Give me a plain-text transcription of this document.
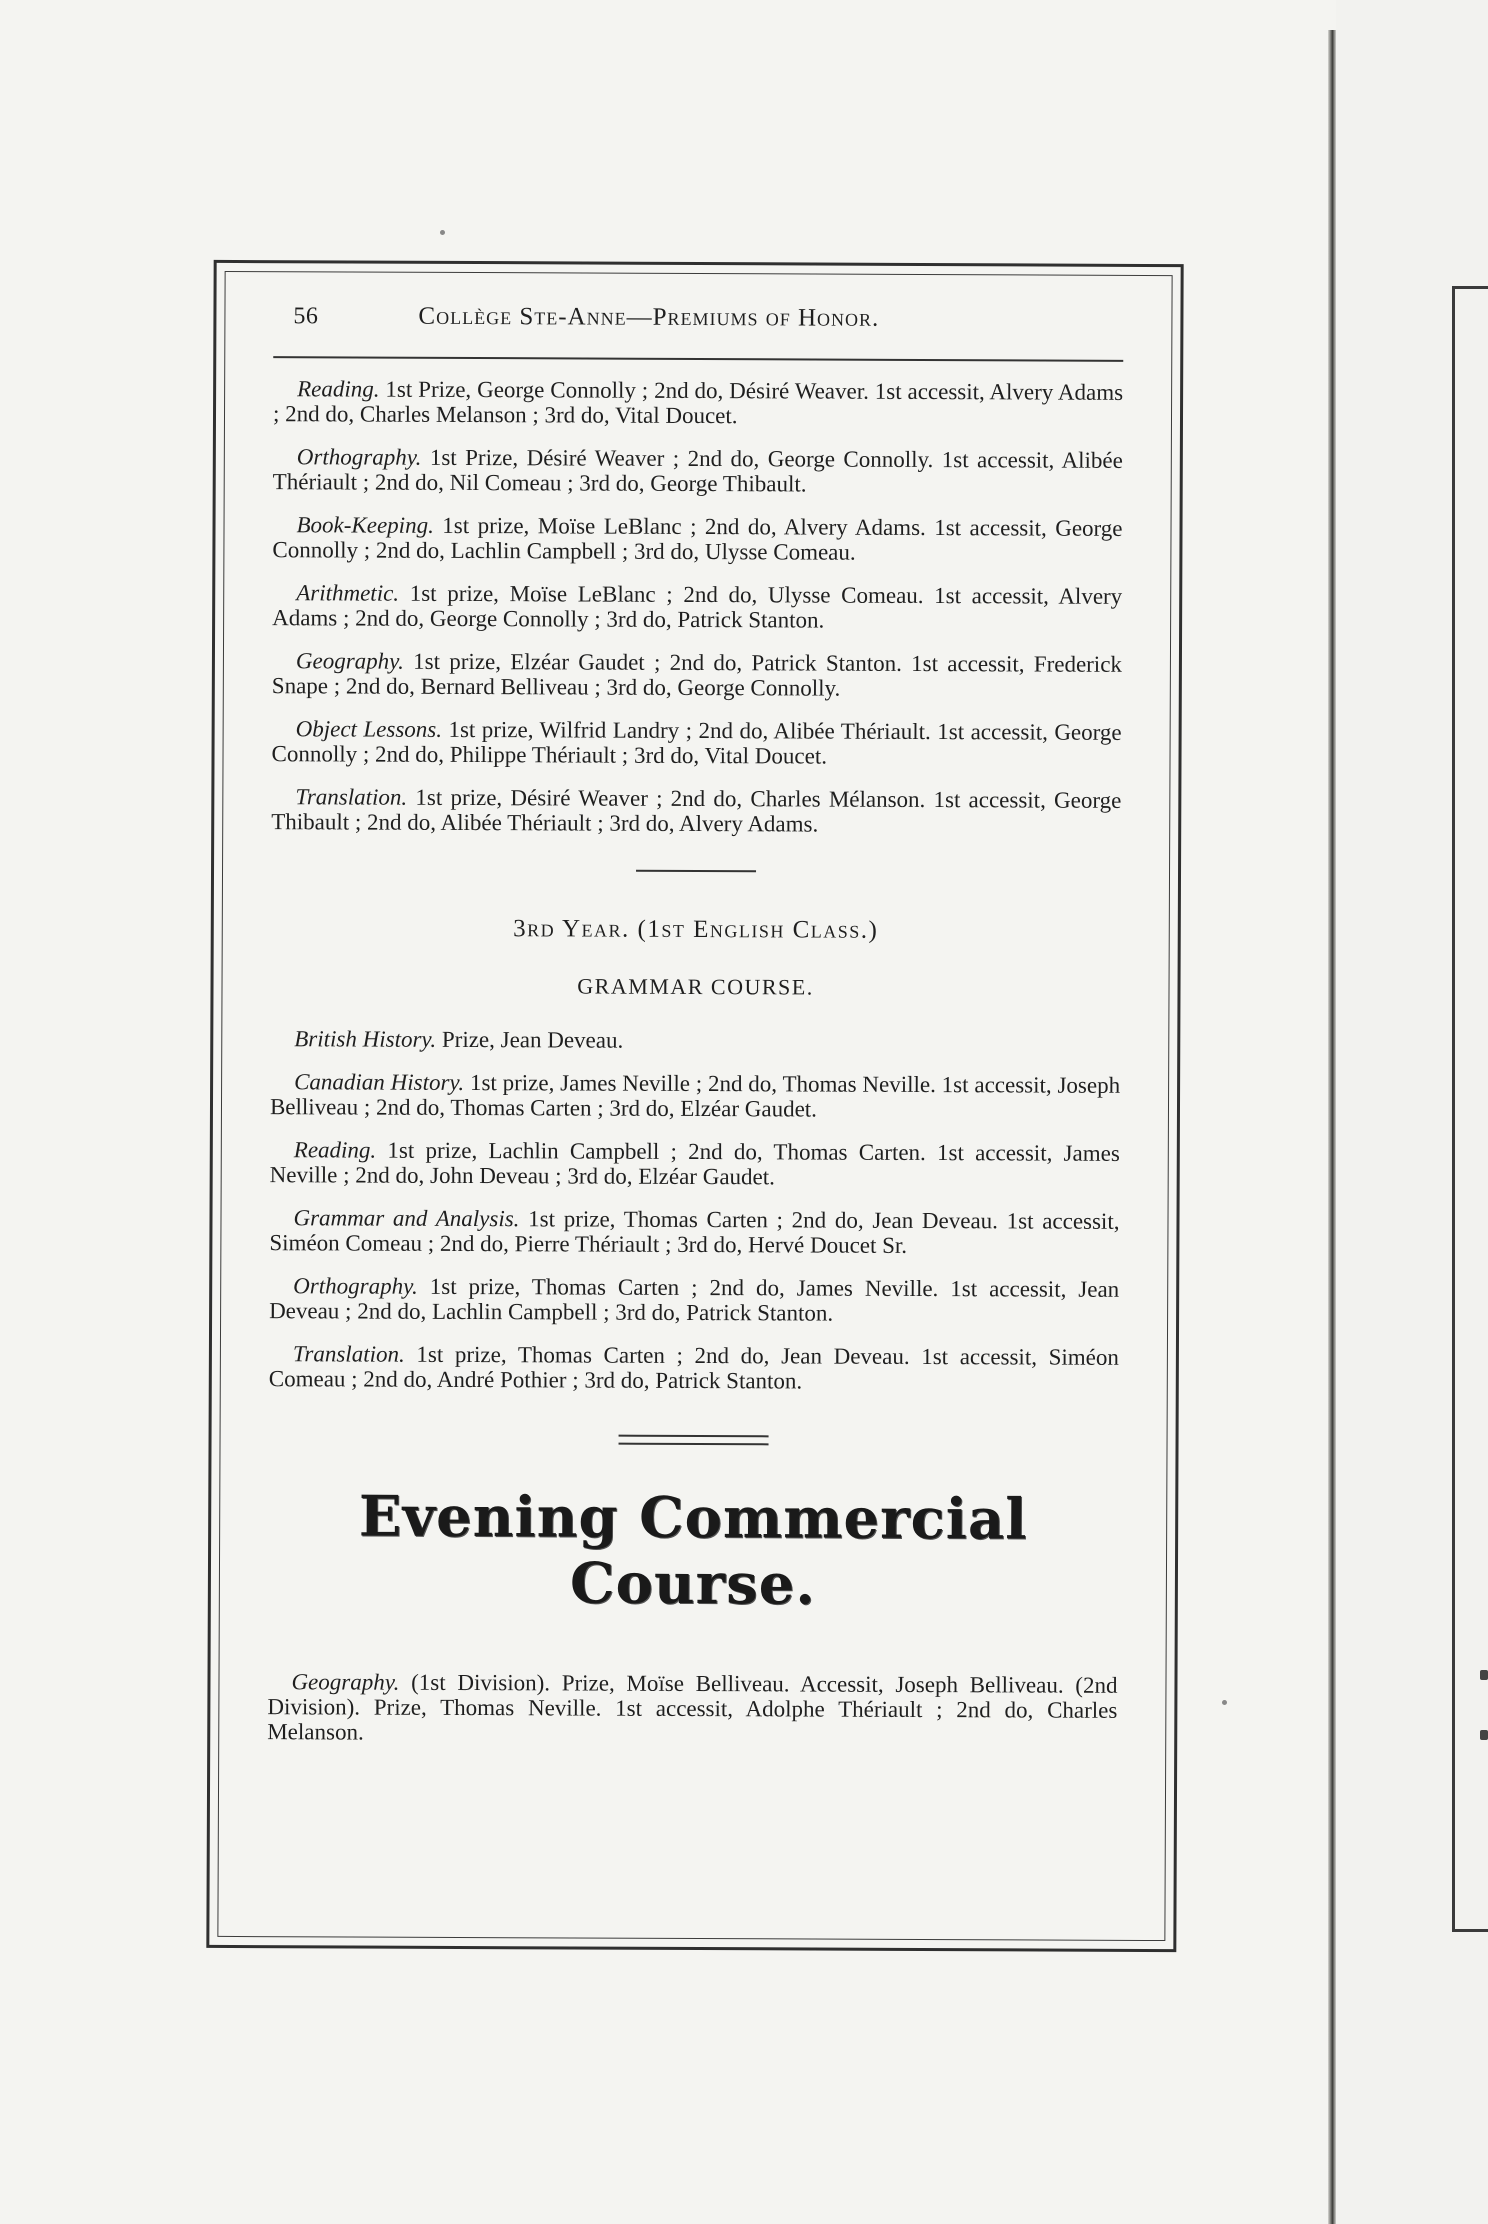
56	Collège Ste-Anne—Premiums of Honor.

Reading. 1st Prize, George Connolly ; 2nd do, Désiré Weaver. 1st accessit, Alvery Adams ; 2nd do, Charles Melanson ; 3rd do, Vital Doucet.

Orthography. 1st Prize, Désiré Weaver ; 2nd do, George Connolly. 1st accessit, Alibée Thériault ; 2nd do, Nil Comeau ; 3rd do, George Thibault.

Book-Keeping. 1st prize, Moïse LeBlanc ; 2nd do, Alvery Adams. 1st accessit, George Connolly ; 2nd do, Lachlin Campbell ; 3rd do, Ulysse Comeau.

Arithmetic. 1st prize, Moïse LeBlanc ; 2nd do, Ulysse Comeau. 1st accessit, Alvery Adams ; 2nd do, George Connolly ; 3rd do, Patrick Stanton.

Geography. 1st prize, Elzéar Gaudet ; 2nd do, Patrick Stanton. 1st accessit, Frederick Snape ; 2nd do, Bernard Belliveau ; 3rd do, George Connolly.

Object Lessons. 1st prize, Wilfrid Landry ; 2nd do, Alibée Thériault. 1st accessit, George Connolly ; 2nd do, Philippe Thériault ; 3rd do, Vital Doucet.

Translation. 1st prize, Désiré Weaver ; 2nd do, Charles Mélanson. 1st accessit, George Thibault ; 2nd do, Alibée Thériault ; 3rd do, Alvery Adams.

3rd Year. (1st English Class.)
GRAMMAR COURSE.

British History. Prize, Jean Deveau.

Canadian History. 1st prize, James Neville ; 2nd do, Thomas Neville. 1st accessit, Joseph Belliveau ; 2nd do, Thomas Carten ; 3rd do, Elzéar Gaudet.

Reading. 1st prize, Lachlin Campbell ; 2nd do, Thomas Carten. 1st accessit, James Neville ; 2nd do, John Deveau ; 3rd do, Elzéar Gaudet.

Grammar and Analysis. 1st prize, Thomas Carten ; 2nd do, Jean Deveau. 1st accessit, Siméon Comeau ; 2nd do, Pierre Thériault ; 3rd do, Hervé Doucet Sr.

Orthography. 1st prize, Thomas Carten ; 2nd do, James Neville. 1st accessit, Jean Deveau ; 2nd do, Lachlin Campbell ; 3rd do, Patrick Stanton.

Translation. 1st prize, Thomas Carten ; 2nd do, Jean Deveau. 1st accessit, Siméon Comeau ; 2nd do, André Pothier ; 3rd do, Patrick Stanton.

Evening Commercial Course.

Geography. (1st Division). Prize, Moïse Belliveau. Accessit, Joseph Belliveau. (2nd Division). Prize, Thomas Neville. 1st accessit, Adolphe Thériault ; 2nd do, Charles Melanson.
